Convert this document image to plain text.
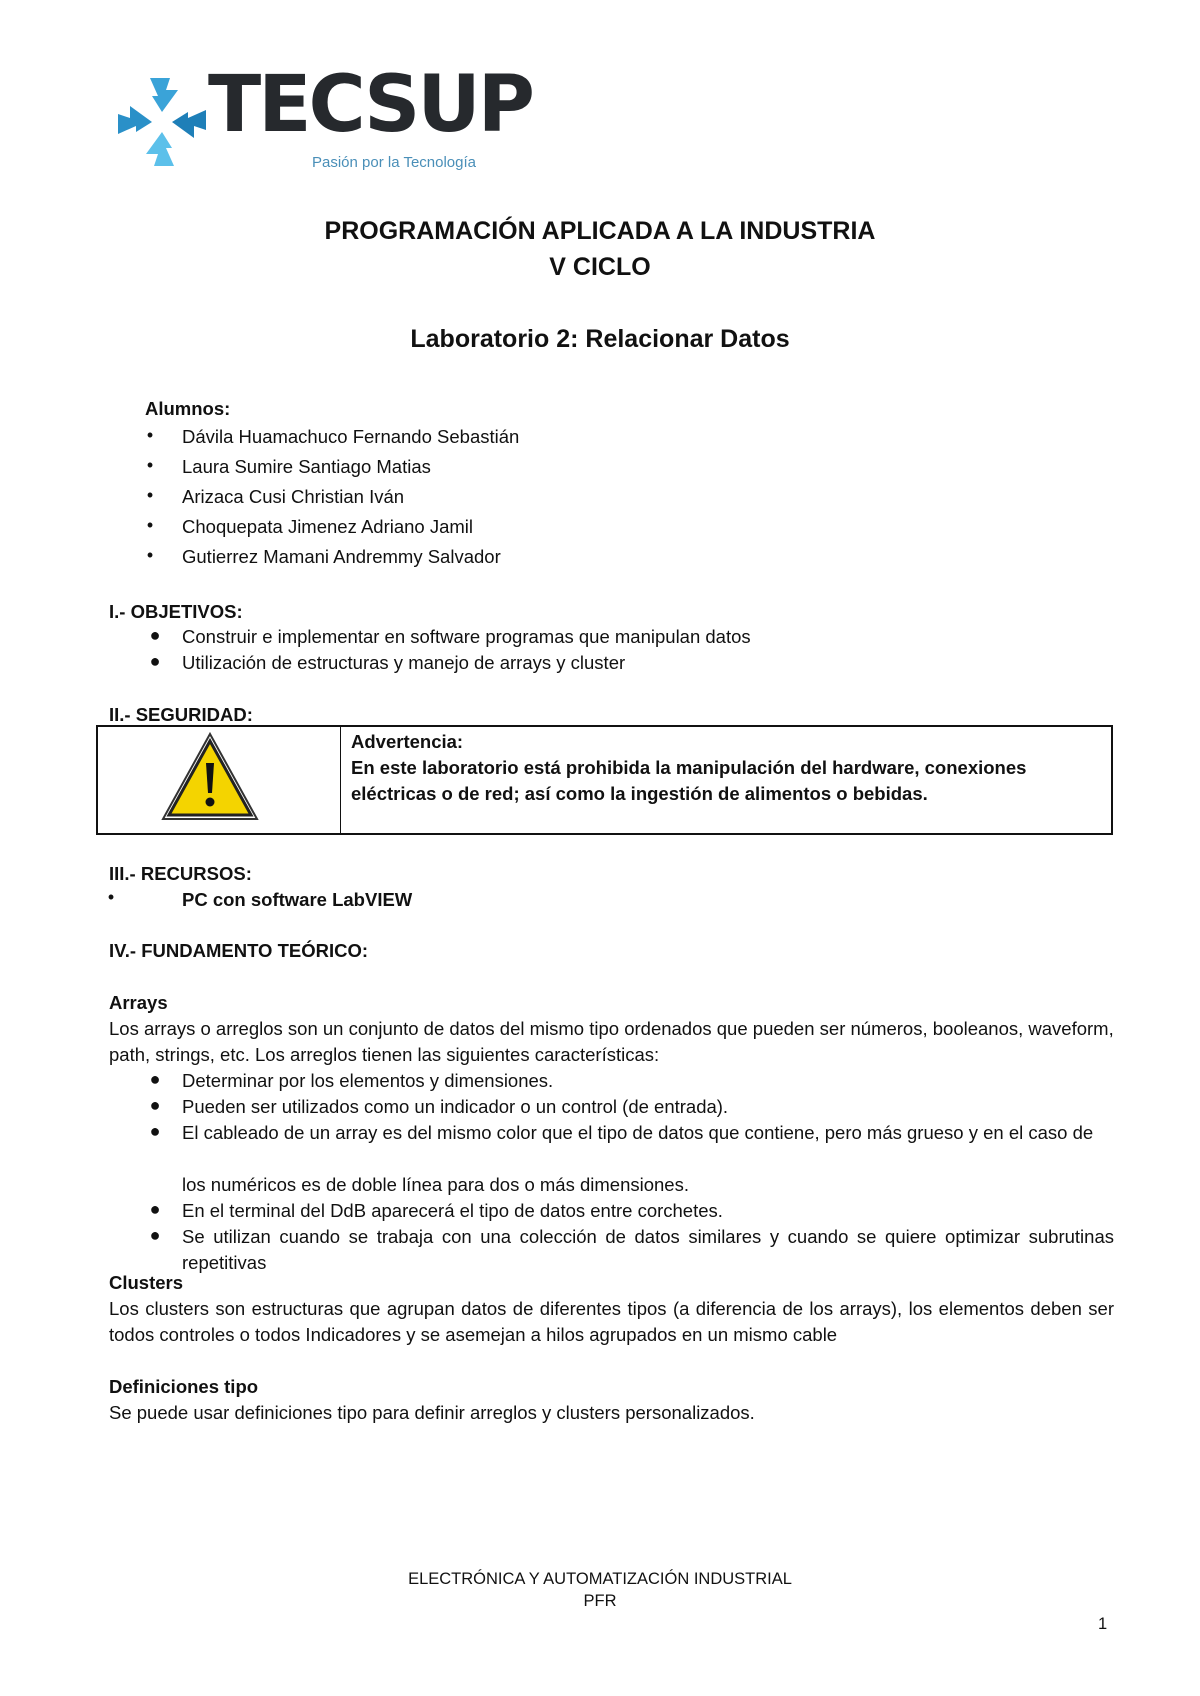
TECSUP
Pasión por la Tecnología
PROGRAMACIÓN APLICADA A LA INDUSTRIA
V CICLO
Laboratorio 2: Relacionar Datos
Alumnos:
•	Dávila Huamachuco Fernando Sebastián
•	Laura Sumire Santiago Matias
•	Arizaca Cusi Christian Iván
•	Choquepata Jimenez Adriano Jamil
•	Gutierrez Mamani Andremmy Salvador
I.- OBJETIVOS:
● Construir e implementar en software programas que manipulan datos
● Utilización de estructuras y manejo de arrays y cluster
II.- SEGURIDAD:
Advertencia:
En este laboratorio está prohibida la manipulación del hardware, conexiones eléctricas o de red; así como la ingestión de alimentos o bebidas.
III.- RECURSOS:
•	PC con software LabVIEW
IV.- FUNDAMENTO TEÓRICO:
Arrays
Los arrays o arreglos son un conjunto de datos del mismo tipo ordenados que pueden ser números, booleanos, waveform, path, strings, etc. Los arreglos tienen las siguientes características:
● Determinar por los elementos y dimensiones.
● Pueden ser utilizados como un indicador o un control (de entrada).
● El cableado de un array es del mismo color que el tipo de datos que contiene, pero más grueso y en el caso de
los numéricos es de doble línea para dos o más dimensiones.
● En el terminal del DdB aparecerá el tipo de datos entre corchetes.
● Se utilizan cuando se trabaja con una colección de datos similares y cuando se quiere optimizar subrutinas repetitivas
Clusters
Los clusters son estructuras que agrupan datos de diferentes tipos (a diferencia de los arrays), los elementos deben ser todos controles o todos Indicadores y se asemejan a hilos agrupados en un mismo cable
Definiciones tipo
Se puede usar definiciones tipo para definir arreglos y clusters personalizados.
ELECTRÓNICA Y AUTOMATIZACIÓN INDUSTRIAL
PFR
1
